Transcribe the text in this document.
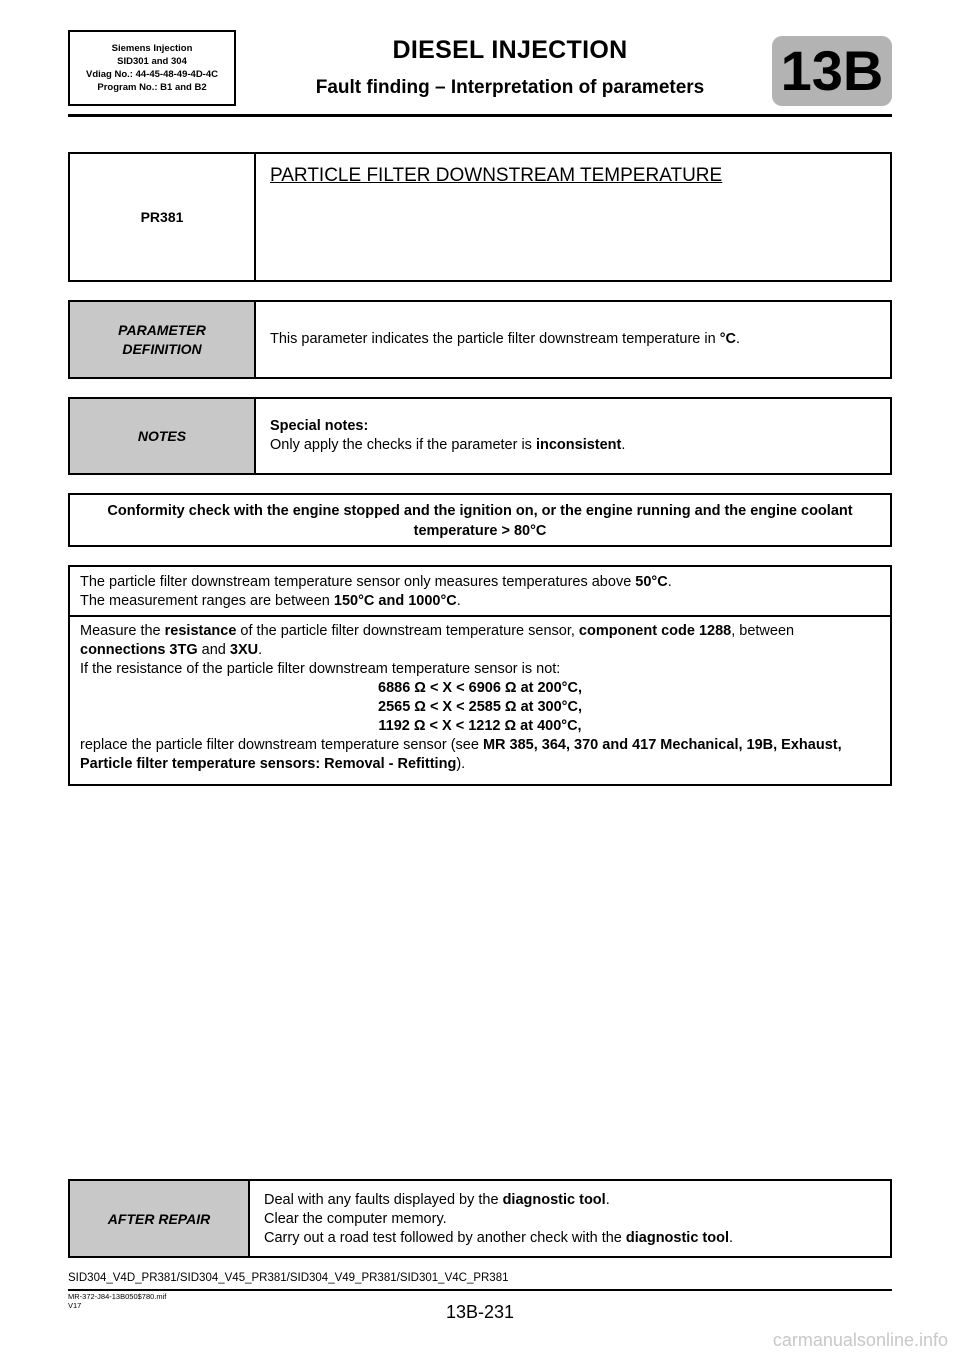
Siemens Injection
SID301 and 304
Vdiag No.: 44-45-48-49-4D-4C
Program No.: B1 and B2
DIESEL INJECTION
Fault finding – Interpretation of parameters	13B
PR381
PARTICLE FILTER DOWNSTREAM TEMPERATURE
PARAMETER DEFINITION
This parameter indicates the particle filter downstream temperature in °C.
NOTES
Special notes:
Only apply the checks if the parameter is inconsistent.
Conformity check with the engine stopped and the ignition on, or the engine running and the engine coolant temperature > 80°C
The particle filter downstream temperature sensor only measures temperatures above 50°C.
The measurement ranges are between 150°C and 1000°C.
Measure the resistance of the particle filter downstream temperature sensor, component code 1288, between connections 3TG and 3XU.
If the resistance of the particle filter downstream temperature sensor is not:
6886 Ω < X < 6906 Ω at 200°C,
2565 Ω < X < 2585 Ω at 300°C,
1192 Ω < X < 1212 Ω at 400°C,
replace the particle filter downstream temperature sensor (see MR 385, 364, 370 and 417 Mechanical, 19B, Exhaust, Particle filter temperature sensors: Removal - Refitting).
AFTER REPAIR
Deal with any faults displayed by the diagnostic tool.
Clear the computer memory.
Carry out a road test followed by another check with the diagnostic tool.
SID304_V4D_PR381/SID304_V45_PR381/SID304_V49_PR381/SID301_V4C_PR381
MR-372-J84-13B050$780.mif
V17	13B-231
carmanualsonline.info
